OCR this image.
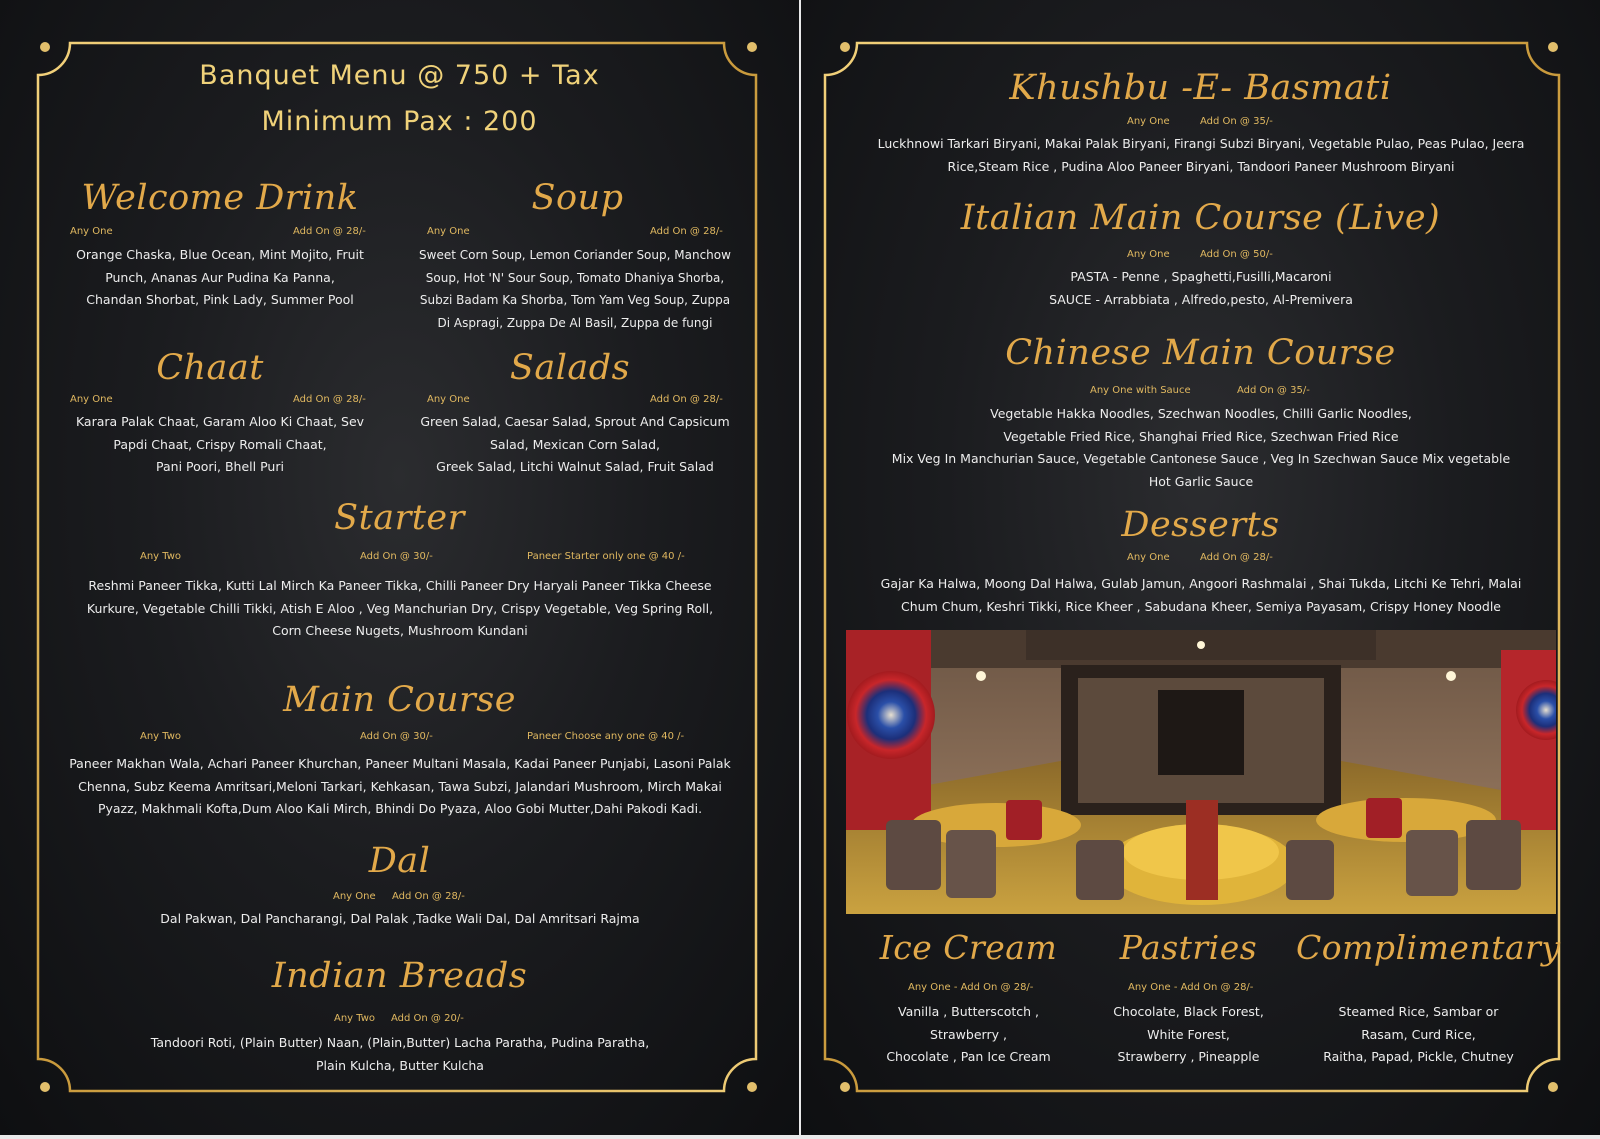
Banquet Menu @ 750 + Tax
Minimum Pax : 200
Welcome Drink
Any One	Add On @ 28/-
Orange Chaska, Blue Ocean, Mint Mojito, Fruit
Punch, Ananas Aur Pudina Ka Panna,
Chandan Shorbat, Pink Lady, Summer Pool
Soup
Any One	Add On @ 28/-
Sweet Corn Soup, Lemon Coriander Soup, Manchow
Soup, Hot 'N' Sour Soup, Tomato Dhaniya Shorba,
Subzi Badam Ka Shorba, Tom Yam Veg Soup, Zuppa
Di Aspragi, Zuppa De Al Basil, Zuppa de fungi
Chaat
Any One	Add On @ 28/-
Karara Palak Chaat, Garam Aloo Ki Chaat, Sev
Papdi Chaat, Crispy Romali Chaat,
Pani Poori, Bhell Puri
Salads
Any One	Add On @ 28/-
Green Salad, Caesar Salad, Sprout And Capsicum
Salad, Mexican Corn Salad,
Greek Salad, Litchi Walnut Salad, Fruit Salad
Starter
Any Two	Add On @ 30/-	Paneer Starter only one @ 40 /-
Reshmi Paneer Tikka, Kutti Lal Mirch Ka Paneer Tikka, Chilli Paneer Dry Haryali Paneer Tikka Cheese
Kurkure, Vegetable Chilli Tikki, Atish E Aloo , Veg Manchurian Dry, Crispy Vegetable, Veg Spring Roll,
Corn Cheese Nugets, Mushroom Kundani
Main Course
Any Two	Add On @ 30/-	Paneer Choose any one @ 40 /-
Paneer Makhan Wala, Achari Paneer Khurchan, Paneer Multani Masala, Kadai Paneer Punjabi, Lasoni Palak
Chenna, Subz Keema Amritsari,Meloni Tarkari, Kehkasan, Tawa Subzi, Jalandari Mushroom, Mirch Makai
Pyazz, Makhmali Kofta,Dum Aloo Kali Mirch, Bhindi Do Pyaza, Aloo Gobi Mutter,Dahi Pakodi Kadi.
Dal
Any One Add On @ 28/-
Dal Pakwan, Dal Pancharangi, Dal Palak ,Tadke Wali Dal, Dal Amritsari Rajma
Indian Breads
Any Two Add On @ 20/-
Tandoori Roti, (Plain Butter) Naan, (Plain,Butter) Lacha Paratha, Pudina Paratha,
Plain Kulcha, Butter Kulcha
Khushbu -E- Basmati
Any One	Add On @ 35/-
Luckhnowi Tarkari Biryani, Makai Palak Biryani, Firangi Subzi Biryani, Vegetable Pulao, Peas Pulao, Jeera
Rice,Steam Rice , Pudina Aloo Paneer Biryani, Tandoori Paneer Mushroom Biryani
Italian Main Course (Live)
Any One	Add On @ 50/-
PASTA - Penne , Spaghetti,Fusilli,Macaroni
SAUCE - Arrabbiata , Alfredo,pesto, Al-Premivera
Chinese Main Course
Any One with Sauce	Add On @ 35/-
Vegetable Hakka Noodles, Szechwan Noodles, Chilli Garlic Noodles,
Vegetable Fried Rice, Shanghai Fried Rice, Szechwan Fried Rice
Mix Veg In Manchurian Sauce, Vegetable Cantonese Sauce , Veg In Szechwan Sauce Mix vegetable
Hot Garlic Sauce
Desserts
Any One	Add On @ 28/-
Gajar Ka Halwa, Moong Dal Halwa, Gulab Jamun, Angoori Rashmalai , Shai Tukda, Litchi Ke Tehri, Malai
Chum Chum, Keshri Tikki, Rice Kheer , Sabudana Kheer, Semiya Payasam, Crispy Honey Noodle
Ice Cream
Any One - Add On @ 28/-
Vanilla , Butterscotch ,
Strawberry ,
Chocolate , Pan Ice Cream
Pastries
Any One - Add On @ 28/-
Chocolate, Black Forest,
White Forest,
Strawberry , Pineapple
Complimentary
Steamed Rice, Sambar or
Rasam, Curd Rice,
Raitha, Papad, Pickle, Chutney
